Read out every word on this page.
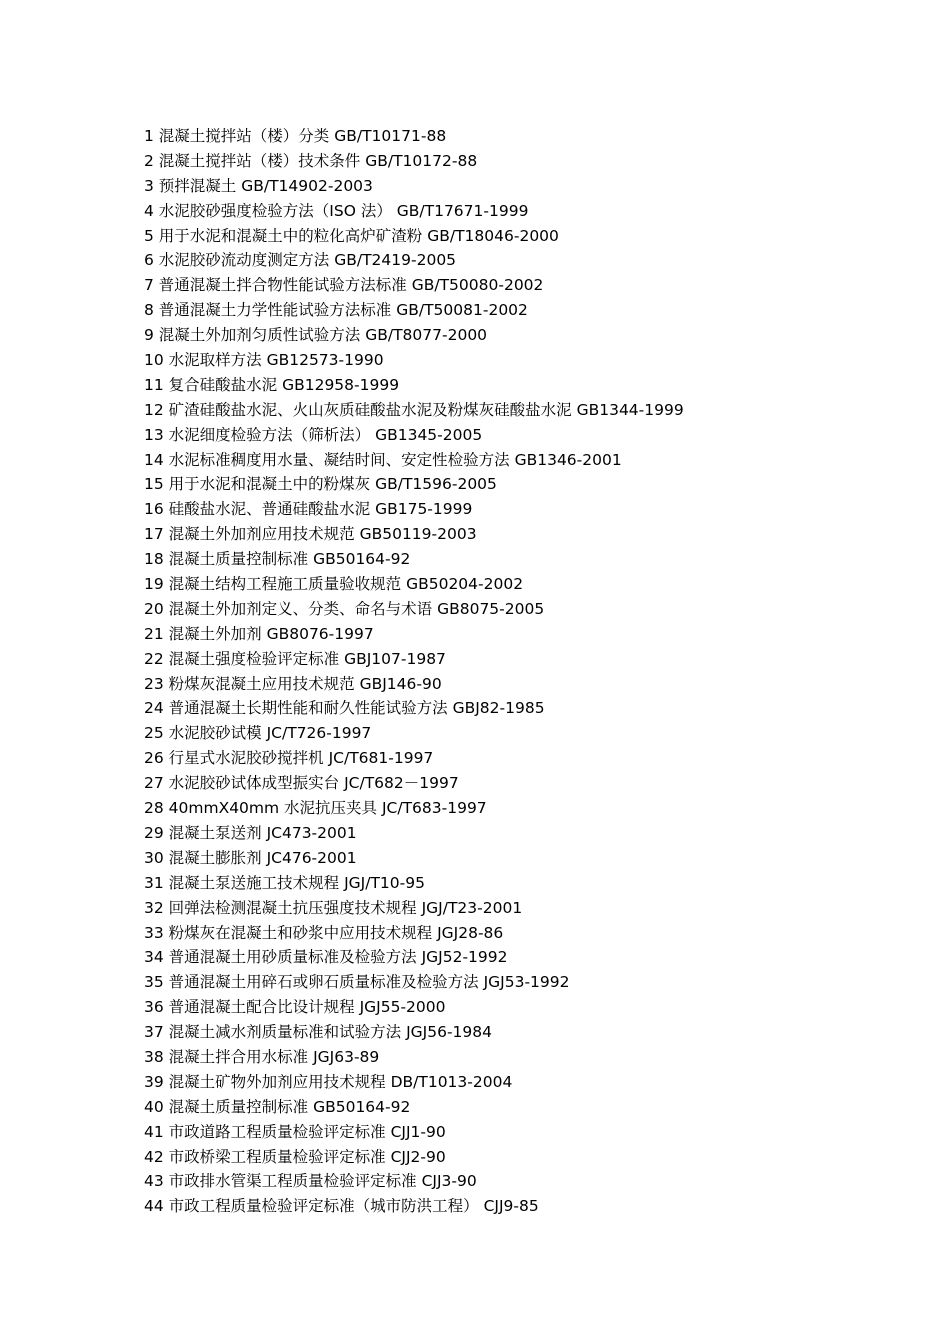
1 混凝土搅拌站（楼）分类 GB/T10171-88
2 混凝土搅拌站（楼）技术条件 GB/T10172-88
3 预拌混凝土 GB/T14902-2003
4 水泥胶砂强度检验方法（ISO 法） GB/T17671-1999
5 用于水泥和混凝土中的粒化高炉矿渣粉 GB/T18046-2000
6 水泥胶砂流动度测定方法 GB/T2419-2005
7 普通混凝土拌合物性能试验方法标准 GB/T50080-2002
8 普通混凝土力学性能试验方法标准 GB/T50081-2002
9 混凝土外加剂匀质性试验方法 GB/T8077-2000
10 水泥取样方法 GB12573-1990
11 复合硅酸盐水泥 GB12958-1999
12 矿渣硅酸盐水泥、火山灰质硅酸盐水泥及粉煤灰硅酸盐水泥 GB1344-1999
13 水泥细度检验方法（筛析法） GB1345-2005
14 水泥标准稠度用水量、凝结时间、安定性检验方法 GB1346-2001
15 用于水泥和混凝土中的粉煤灰 GB/T1596-2005
16 硅酸盐水泥、普通硅酸盐水泥 GB175-1999
17 混凝土外加剂应用技术规范 GB50119-2003
18 混凝土质量控制标准 GB50164-92
19 混凝土结构工程施工质量验收规范 GB50204-2002
20 混凝土外加剂定义、分类、命名与术语 GB8075-2005
21 混凝土外加剂 GB8076-1997
22 混凝土强度检验评定标准 GBJ107-1987
23 粉煤灰混凝土应用技术规范 GBJ146-90
24 普通混凝土长期性能和耐久性能试验方法 GBJ82-1985
25 水泥胶砂试模 JC/T726-1997
26 行星式水泥胶砂搅拌机 JC/T681-1997
27 水泥胶砂试体成型振实台 JC/T682－1997
28 40mmX40mm 水泥抗压夹具 JC/T683-1997
29 混凝土泵送剂 JC473-2001
30 混凝土膨胀剂 JC476-2001
31 混凝土泵送施工技术规程 JGJ/T10-95
32 回弹法检测混凝土抗压强度技术规程 JGJ/T23-2001
33 粉煤灰在混凝土和砂浆中应用技术规程 JGJ28-86
34 普通混凝土用砂质量标准及检验方法 JGJ52-1992
35 普通混凝土用碎石或卵石质量标准及检验方法 JGJ53-1992
36 普通混凝土配合比设计规程 JGJ55-2000
37 混凝土减水剂质量标准和试验方法 JGJ56-1984
38 混凝土拌合用水标准 JGJ63-89
39 混凝土矿物外加剂应用技术规程 DB/T1013-2004
40 混凝土质量控制标准 GB50164-92
41 市政道路工程质量检验评定标准 CJJ1-90
42 市政桥梁工程质量检验评定标准 CJJ2-90
43 市政排水管渠工程质量检验评定标准 CJJ3-90
44 市政工程质量检验评定标准（城市防洪工程） CJJ9-85
